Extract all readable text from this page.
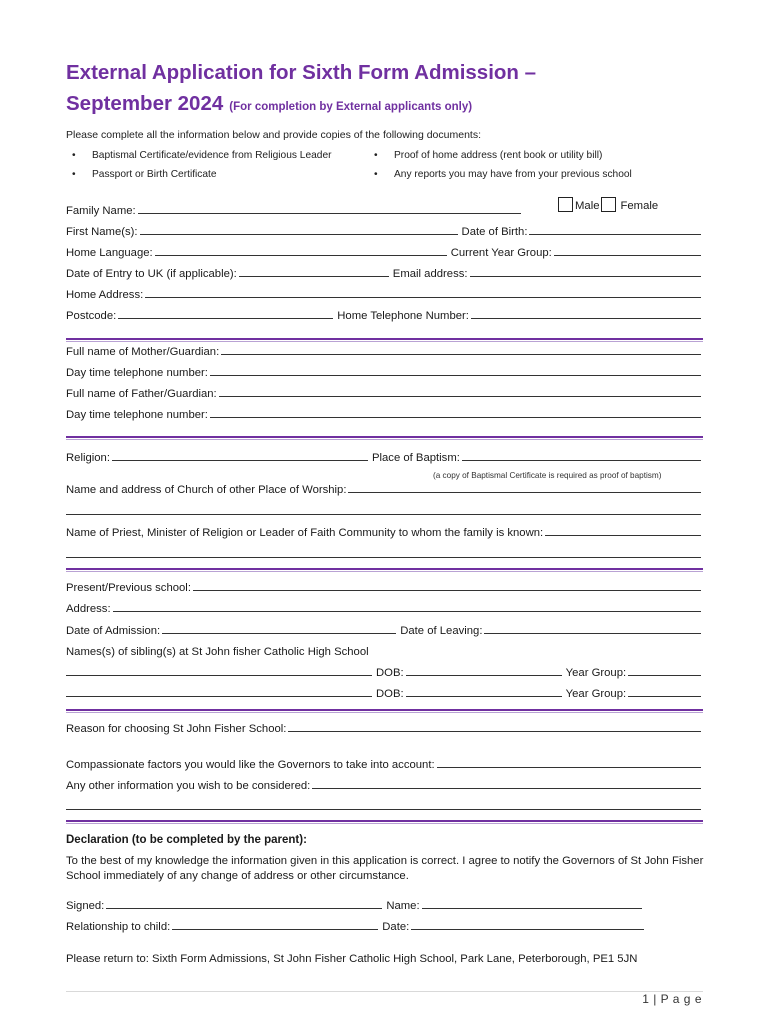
External Application for Sixth Form Admission –
September 2024 (For completion by External applicants only)
Please complete all the information below and provide copies of the following documents:
• Baptismal Certificate/evidence from Religious Leader
• Passport or Birth Certificate
• Proof of home address (rent book or utility bill)
• Any reports you may have from your previous school
Family Name:	Male Female
First Name(s):	Date of Birth:
Home Language:	Current Year Group:
Date of Entry to UK (if applicable):	Email address:
Home Address:
Postcode:	Home Telephone Number:
Full name of Mother/Guardian:
Day time telephone number:
Full name of Father/Guardian:
Day time telephone number:
Religion:	Place of Baptism:
(a copy of Baptismal Certificate is required as proof of baptism)
Name and address of Church of other Place of Worship:
Name of Priest, Minister of Religion or Leader of Faith Community to whom the family is known:
Present/Previous school:
Address:
Date of Admission:	Date of Leaving:
Names(s) of sibling(s) at St John fisher Catholic High School
DOB:	Year Group:
DOB:	Year Group:
Reason for choosing St John Fisher School:
Compassionate factors you would like the Governors to take into account:
Any other information you wish to be considered:
Declaration (to be completed by the parent):
To the best of my knowledge the information given in this application is correct. I agree to notify the Governors of St John Fisher School immediately of any change of address or other circumstance.
Signed:	Name:
Relationship to child:	Date:
Please return to: Sixth Form Admissions, St John Fisher Catholic High School, Park Lane, Peterborough, PE1 5JN
1 | P a g e
